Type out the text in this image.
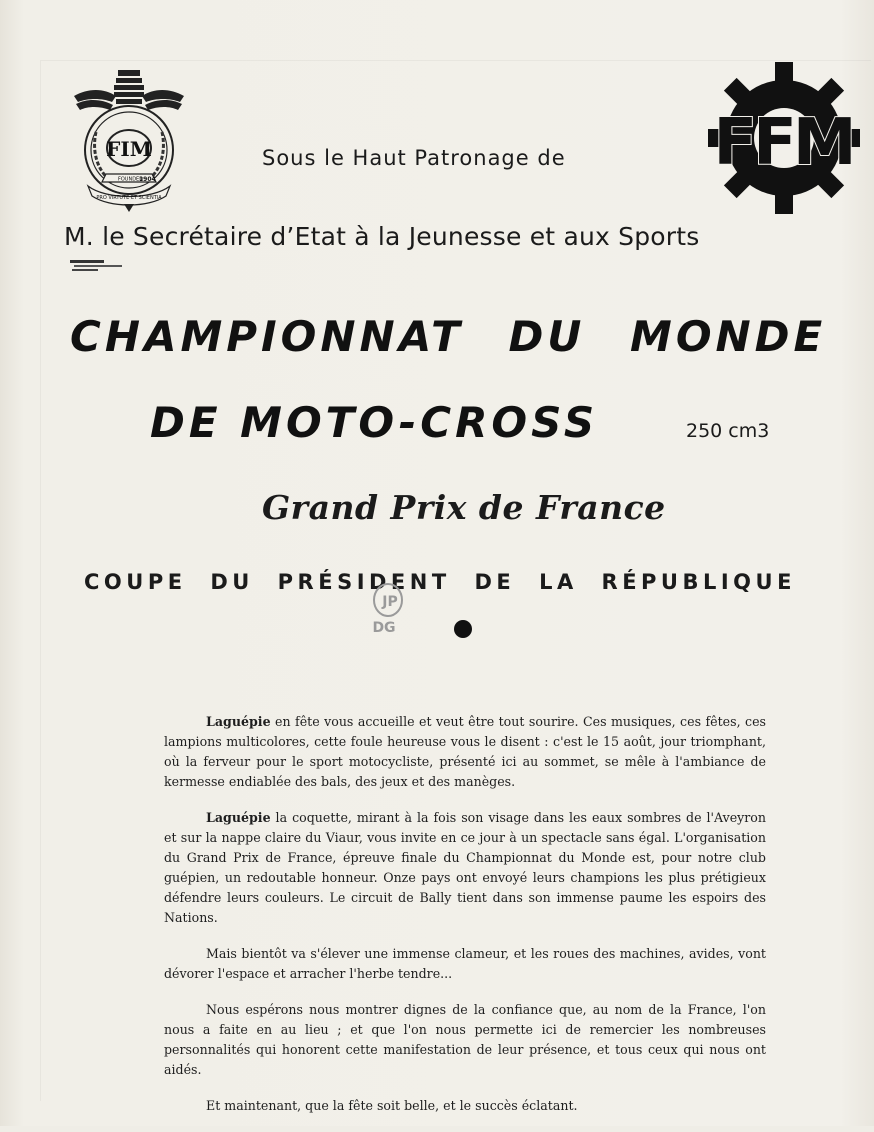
FIM
FOUNDED
1904
PRO VIRTUTE ET SCIENTIA
FFM
Sous le Haut Patronage de
M. le Secrétaire d’Etat à la Jeunesse et aux Sports
CHAMPIONNAT DU MONDE
DE MOTO-CROSS	250 cm3
Grand Prix de France
COUPE DU PRÉSIDENT DE LA RÉPUBLIQUE
JP
DG

Laguépie en fête vous accueille et veut être tout sourire. Ces musiques, ces fêtes, ces lampions multicolores, cette foule heureuse vous le disent : c'est le 15 août, jour triomphant, où la ferveur pour le sport motocycliste, présenté ici au sommet, se mêle à l'ambiance de kermesse endiablée des bals, des jeux et des manèges.

Laguépie la coquette, mirant à la fois son visage dans les eaux sombres de l'Aveyron et sur la nappe claire du Viaur, vous invite en ce jour à un spectacle sans égal. L'organisation du Grand Prix de France, épreuve finale du Championnat du Monde est, pour notre club guépien, un redoutable honneur. Onze pays ont envoyé leurs champions les plus prétigieux défendre leurs couleurs. Le circuit de Bally tient dans son immense paume les espoirs des Nations.

Mais bientôt va s'élever une immense clameur, et les roues des machines, avides, vont dévorer l'espace et arracher l'herbe tendre...

Nous espérons nous montrer dignes de la confiance que, au nom de la France, l'on nous a faite en au lieu ; et que l'on nous permette ici de remercier les nombreuses personnalités qui honorent cette manifestation de leur présence, et tous ceux qui nous ont aidés.

Et maintenant, que la fête soit belle, et le succès éclatant.
